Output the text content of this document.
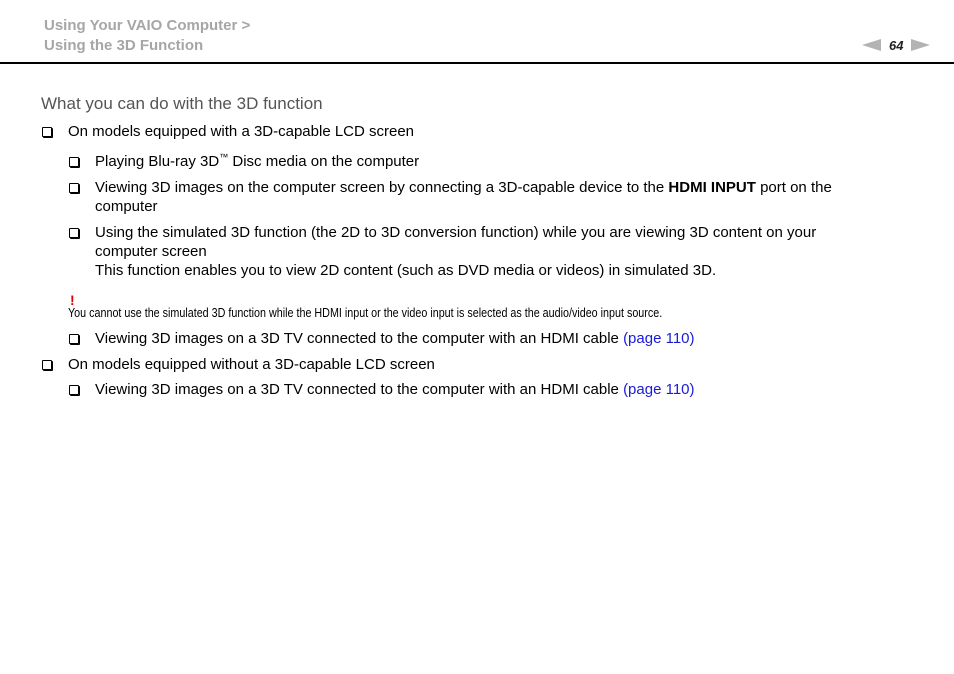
Using Your VAIO Computer >
Using the 3D Function	64
What you can do with the 3D function
On models equipped with a 3D-capable LCD screen
Playing Blu-ray 3D™ Disc media on the computer
Viewing 3D images on the computer screen by connecting a 3D-capable device to the HDMI INPUT port on the
computer
Using the simulated 3D function (the 2D to 3D conversion function) while you are viewing 3D content on your
computer screen
This function enables you to view 2D content (such as DVD media or videos) in simulated 3D.
!
You cannot use the simulated 3D function while the HDMI input or the video input is selected as the audio/video input source.
Viewing 3D images on a 3D TV connected to the computer with an HDMI cable (page 110)
On models equipped without a 3D-capable LCD screen
Viewing 3D images on a 3D TV connected to the computer with an HDMI cable (page 110)
